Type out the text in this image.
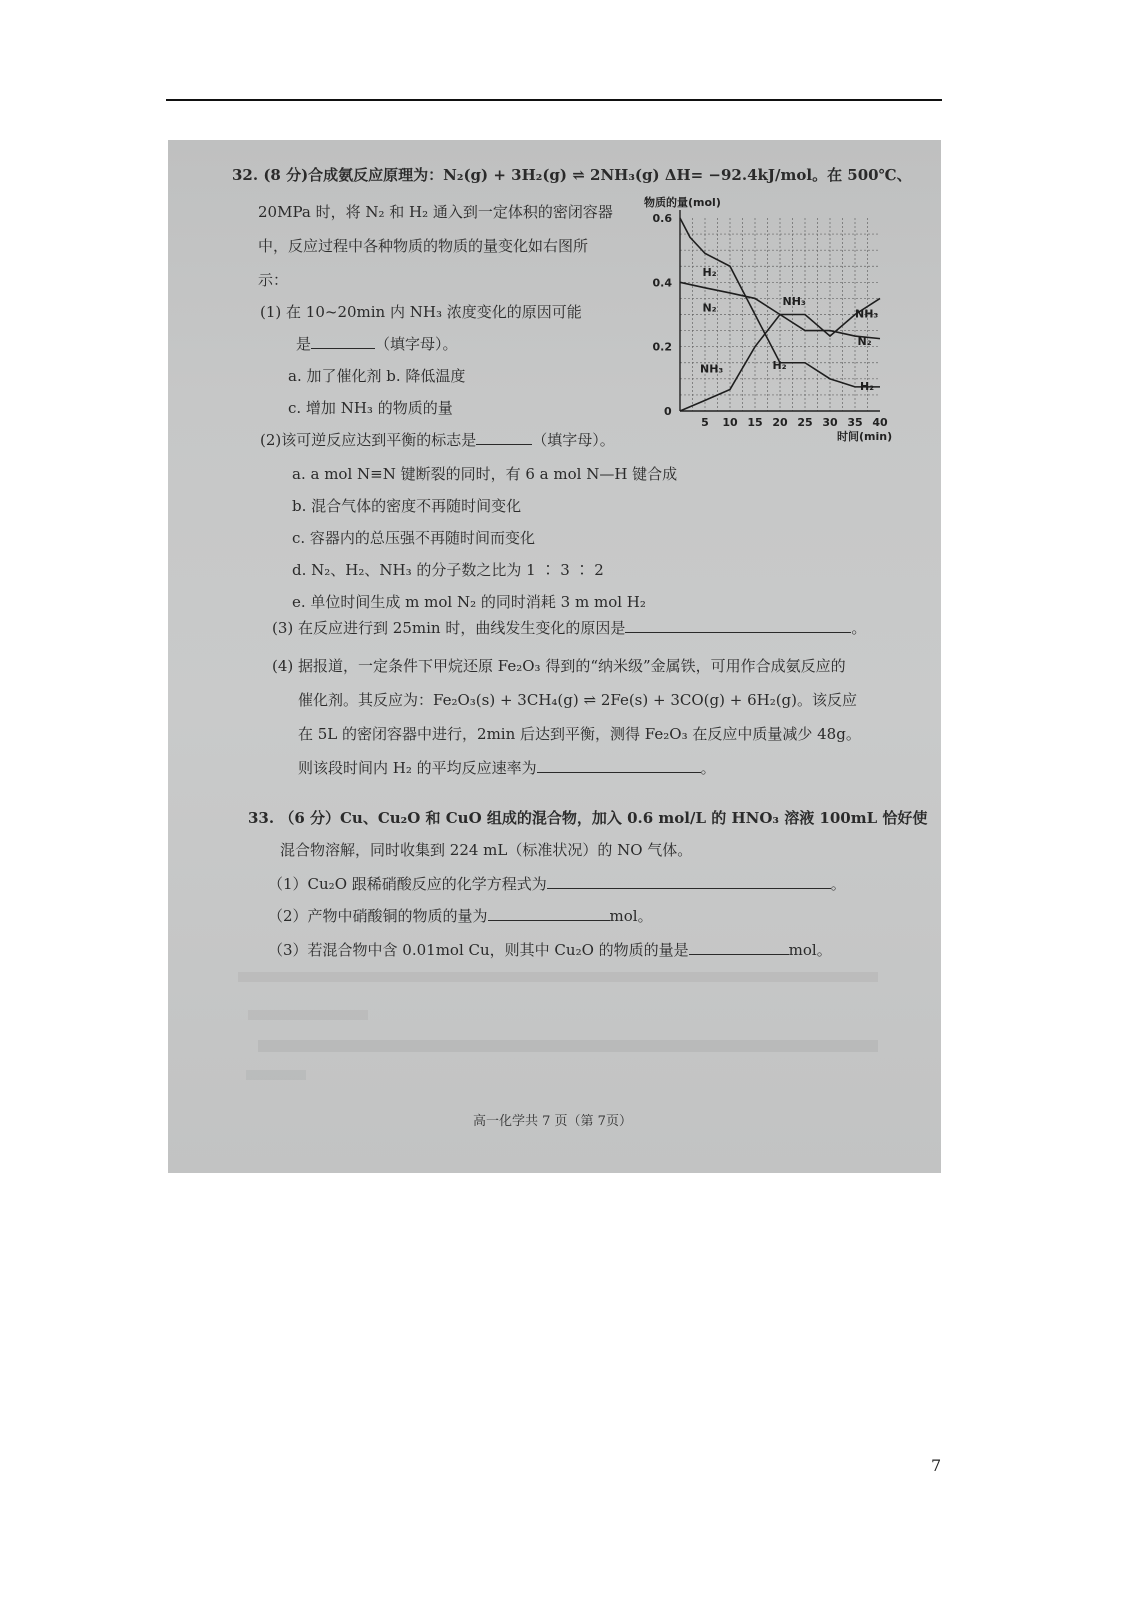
32. (8 分)合成氨反应原理为：N₂(g) + 3H₂(g) ⇌ 2NH₃(g) ΔH= −92.4kJ/mol。在 500℃、
20MPa 时，将 N₂ 和 H₂ 通入到一定体积的密闭容器
中，反应过程中各种物质的物质的量变化如右图所
示：
(1) 在 10~20min 内 NH₃ 浓度变化的原因可能
是	（填字母）。
a. 加了催化剂 b. 降低温度
c. 增加 NH₃ 的物质的量
(2)该可逆反应达到平衡的标志是	（填字母）。
a. a mol N≡N 键断裂的同时，有 6 a mol N—H 键合成
b. 混合气体的密度不再随时间变化
c. 容器内的总压强不再随时间而变化
d. N₂、H₂、NH₃ 的分子数之比为 1 ∶ 3 ∶ 2
e. 单位时间生成 m mol N₂ 的同时消耗 3 m mol H₂
(3) 在反应进行到 25min 时，曲线发生变化的原因是	。
(4) 据报道，一定条件下甲烷还原 Fe₂O₃ 得到的“纳米级”金属铁，可用作合成氨反应的
催化剂。其反应为：Fe₂O₃(s) + 3CH₄(g) ⇌ 2Fe(s) + 3CO(g) + 6H₂(g)。该反应
在 5L 的密闭容器中进行，2min 后达到平衡，测得 Fe₂O₃ 在反应中质量减少 48g。
则该段时间内 H₂ 的平均反应速率为	。
33. （6 分）Cu、Cu₂O 和 CuO 组成的混合物，加入 0.6 mol/L 的 HNO₃ 溶液 100mL 恰好使
混合物溶解，同时收集到 224 mL（标准状况）的 NO 气体。
（1）Cu₂O 跟稀硝酸反应的化学方程式为	。
（2）产物中硝酸铜的物质的量为	mol。
（3）若混合物中含 0.01mol Cu，则其中 Cu₂O 的物质的量是	mol。
高一化学共 7 页（第 7页）
物质的量(mol)
时间(min)
0.2
0.4
0.6
0
5 10 15 20 25 30 35 40
H₂
N₂	NH₃
NH₃
N₂
NH₃	H₂
H₂
7
